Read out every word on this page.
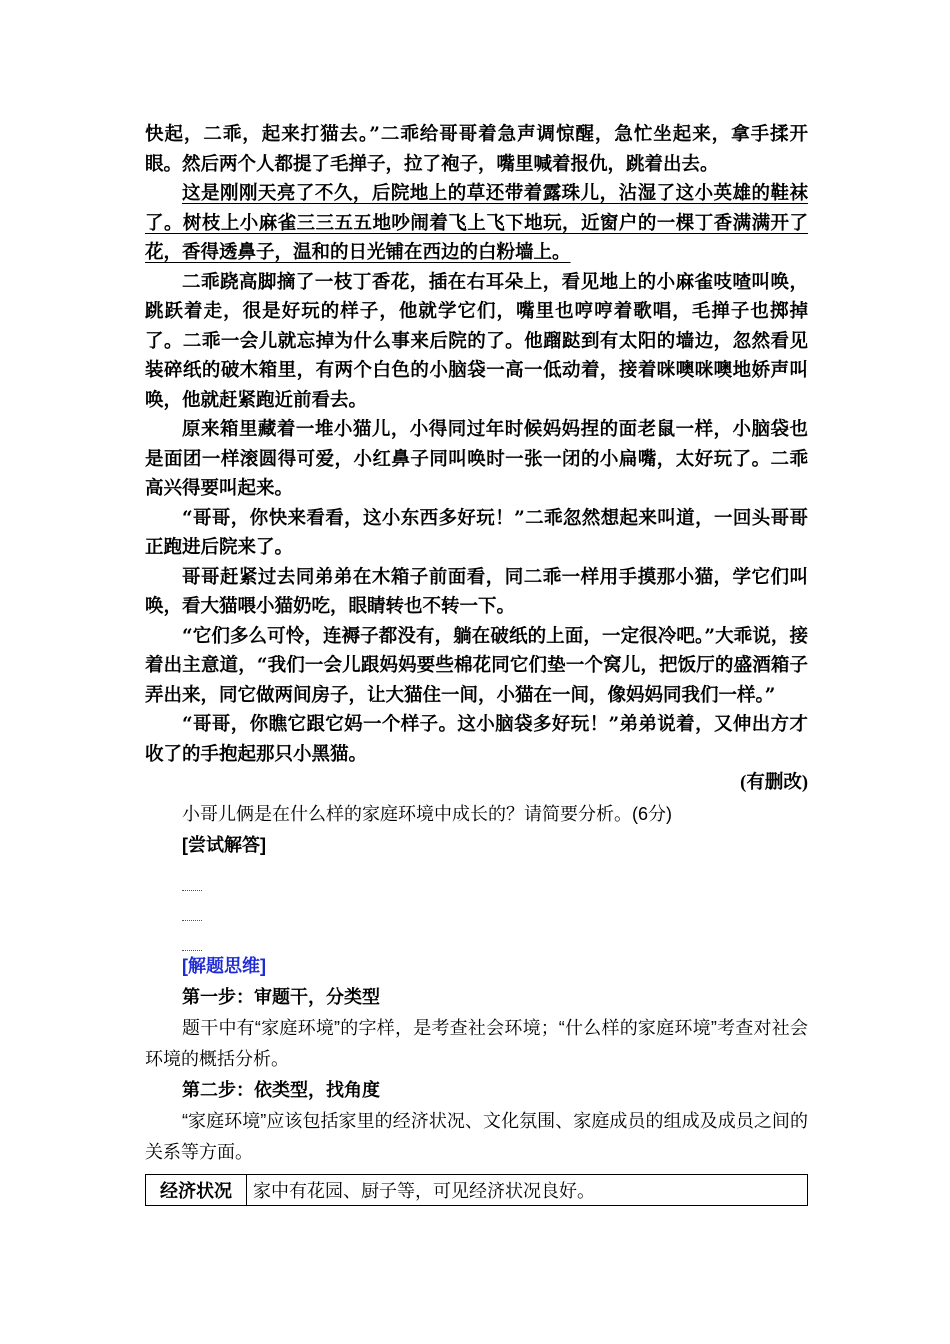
快起，二乖，起来打猫去。”二乖给哥哥着急声调惊醒，急忙坐起来，拿手揉开眼。然后两个人都提了毛掸子，拉了袍子，嘴里喊着报仇，跳着出去。

这是刚刚天亮了不久，后院地上的草还带着露珠儿，沾湿了这小英雄的鞋袜了。树枝上小麻雀三三五五地吵闹着飞上飞下地玩，近窗户的一棵丁香满满开了花，香得透鼻子，温和的日光铺在西边的白粉墙上。

二乖跷高脚摘了一枝丁香花，插在右耳朵上，看见地上的小麻雀吱喳叫唤，跳跃着走，很是好玩的样子，他就学它们，嘴里也哼哼着歌唱，毛掸子也掷掉了。二乖一会儿就忘掉为什么事来后院的了。他蹓跶到有太阳的墙边，忽然看见装碎纸的破木箱里，有两个白色的小脑袋一高一低动着，接着咪噢咪噢地娇声叫唤，他就赶紧跑近前看去。

原来箱里藏着一堆小猫儿，小得同过年时候妈妈捏的面老鼠一样，小脑袋也是面团一样滚圆得可爱，小红鼻子同叫唤时一张一闭的小扁嘴，太好玩了。二乖高兴得要叫起来。

“哥哥，你快来看看，这小东西多好玩！”二乖忽然想起来叫道，一回头哥哥正跑进后院来了。

哥哥赶紧过去同弟弟在木箱子前面看，同二乖一样用手摸那小猫，学它们叫唤，看大猫喂小猫奶吃，眼睛转也不转一下。

“它们多么可怜，连褥子都没有，躺在破纸的上面，一定很冷吧。”大乖说，接着出主意道，“我们一会儿跟妈妈要些棉花同它们垫一个窝儿，把饭厅的盛酒箱子弄出来，同它做两间房子，让大猫住一间，小猫在一间，像妈妈同我们一样。”

“哥哥，你瞧它跟它妈一个样子。这小脑袋多好玩！”弟弟说着，又伸出方才收了的手抱起那只小黑猫。

(有删改)

小哥儿俩是在什么样的家庭环境中成长的？请简要分析。(6分)

[尝试解答]

[解题思维]

第一步：审题干，分类型

题干中有“家庭环境”的字样，是考查社会环境；“什么样的家庭环境”考查对社会环境的概括分析。

第二步：依类型，找角度

“家庭环境”应该包括家里的经济状况、文化氛围、家庭成员的组成及成员之间的关系等方面。

经济状况	家中有花园、厨子等，可见经济状况良好。
